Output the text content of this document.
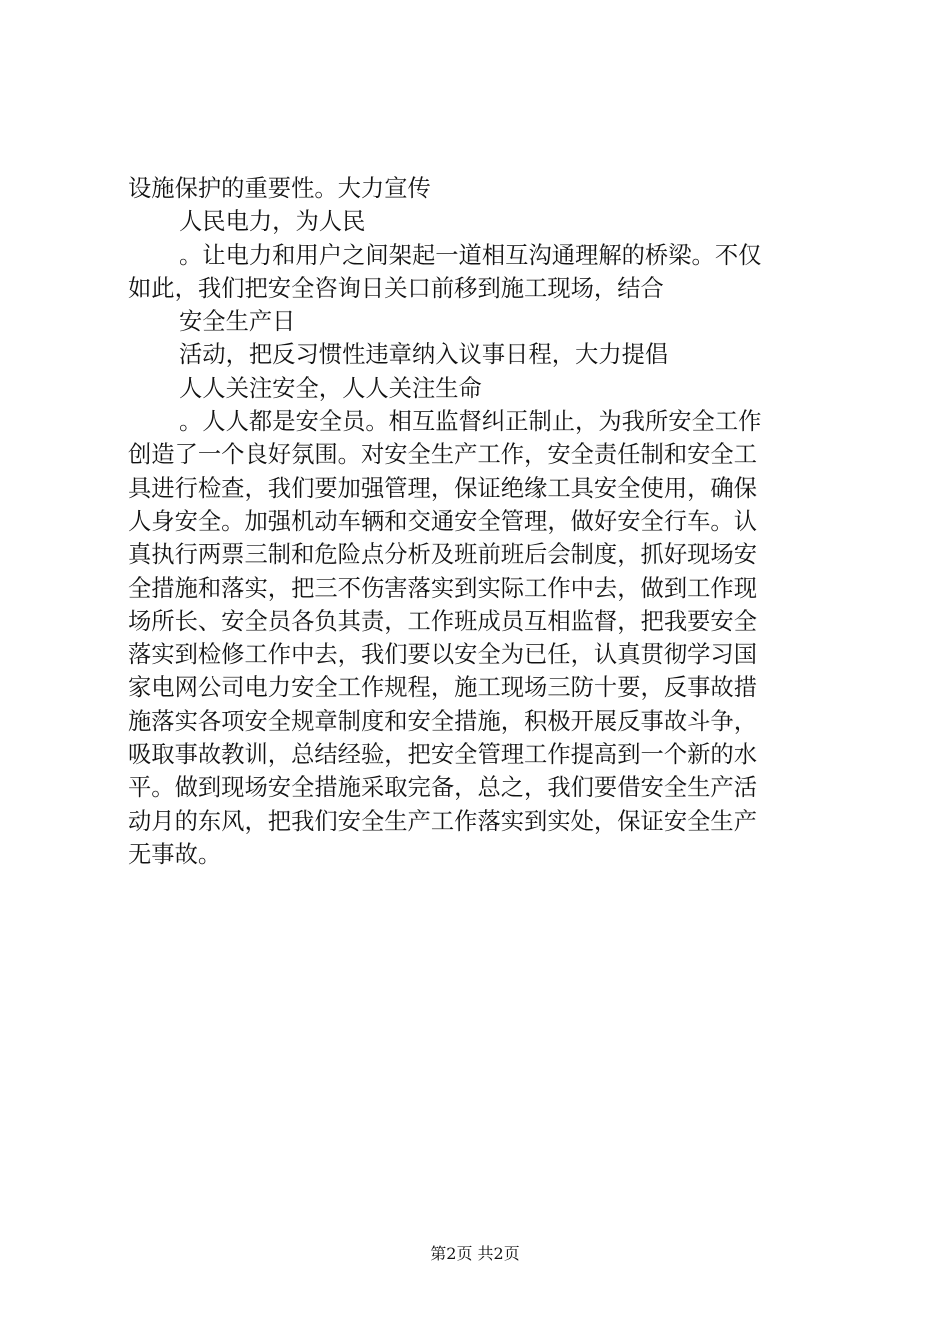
设施保护的重要性。大力宣传
人民电力，为人民
。让电力和用户之间架起一道相互沟通理解的桥梁。不仅
如此，我们把安全咨询日关口前移到施工现场，结合
安全生产日
活动，把反习惯性违章纳入议事日程，大力提倡
人人关注安全，人人关注生命
。人人都是安全员。相互监督纠正制止，为我所安全工作
创造了一个良好氛围。对安全生产工作，安全责任制和安全工
具进行检查，我们要加强管理，保证绝缘工具安全使用，确保
人身安全。加强机动车辆和交通安全管理，做好安全行车。认
真执行两票三制和危险点分析及班前班后会制度，抓好现场安
全措施和落实，把三不伤害落实到实际工作中去，做到工作现
场所长、安全员各负其责，工作班成员互相监督，把我要安全
落实到检修工作中去，我们要以安全为已任，认真贯彻学习国
家电网公司电力安全工作规程，施工现场三防十要，反事故措
施落实各项安全规章制度和安全措施，积极开展反事故斗争，
吸取事故教训，总结经验，把安全管理工作提高到一个新的水
平。做到现场安全措施采取完备，总之，我们要借安全生产活
动月的东风，把我们安全生产工作落实到实处，保证安全生产
无事故。
第2页 共2页
